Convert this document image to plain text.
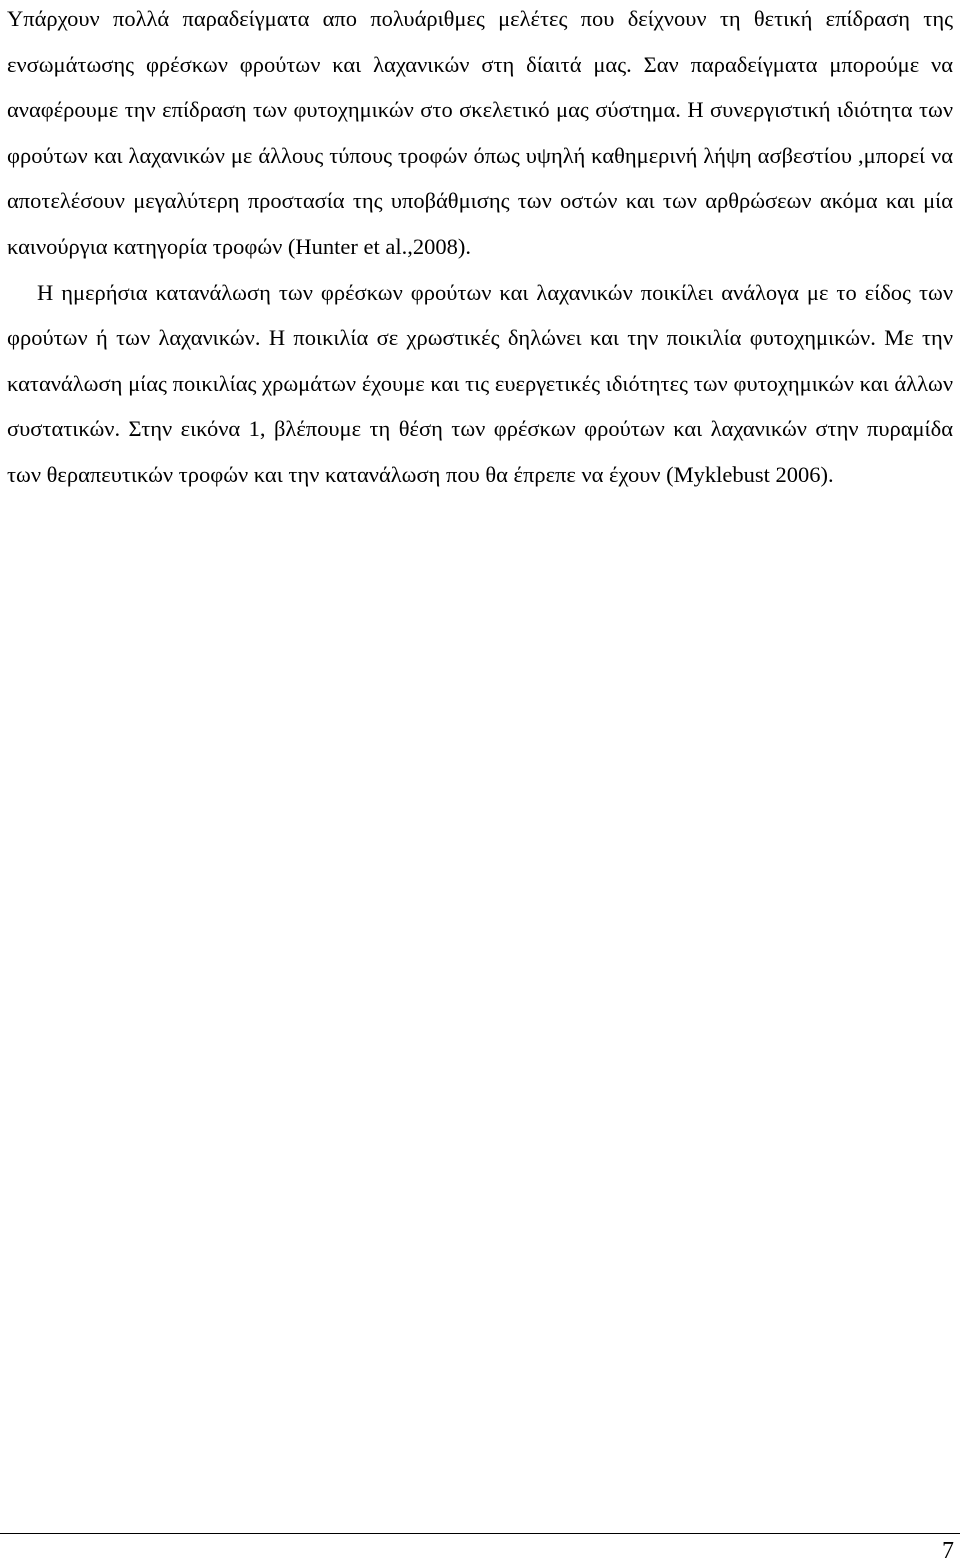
Υπάρχουν πολλά παραδείγματα απο πολυάριθμες μελέτες που δείχνουν τη θετική επίδραση της ενσωμάτωσης φρέσκων φρούτων και λαχανικών στη δίαιτά μας. Σαν παραδείγματα μπορούμε να αναφέρουμε την επίδραση των φυτοχημικών στο σκελετικό μας σύστημα. Η συνεργιστική ιδιότητα των φρούτων και λαχανικών με άλλους τύπους τροφών όπως υψηλή καθημερινή λήψη ασβεστίου ,μπορεί να αποτελέσουν μεγαλύτερη προστασία της υποβάθμισης των οστών και των αρθρώσεων ακόμα και μία καινούργια κατηγορία τροφών (Hunter et al.,2008).

Η ημερήσια κατανάλωση των φρέσκων φρούτων και λαχανικών ποικίλει ανάλογα με το είδος των φρούτων ή των λαχανικών. Η ποικιλία σε χρωστικές δηλώνει και την ποικιλία φυτοχημικών. Με την κατανάλωση μίας ποικιλίας χρωμάτων έχουμε και τις ευεργετικές ιδιότητες των φυτοχημικών και άλλων συστατικών. Στην εικόνα 1, βλέπουμε τη θέση των φρέσκων φρούτων και λαχανικών στην πυραμίδα των θεραπευτικών τροφών και την κατανάλωση που θα έπρεπε να έχουν (Myklebust 2006).

7
